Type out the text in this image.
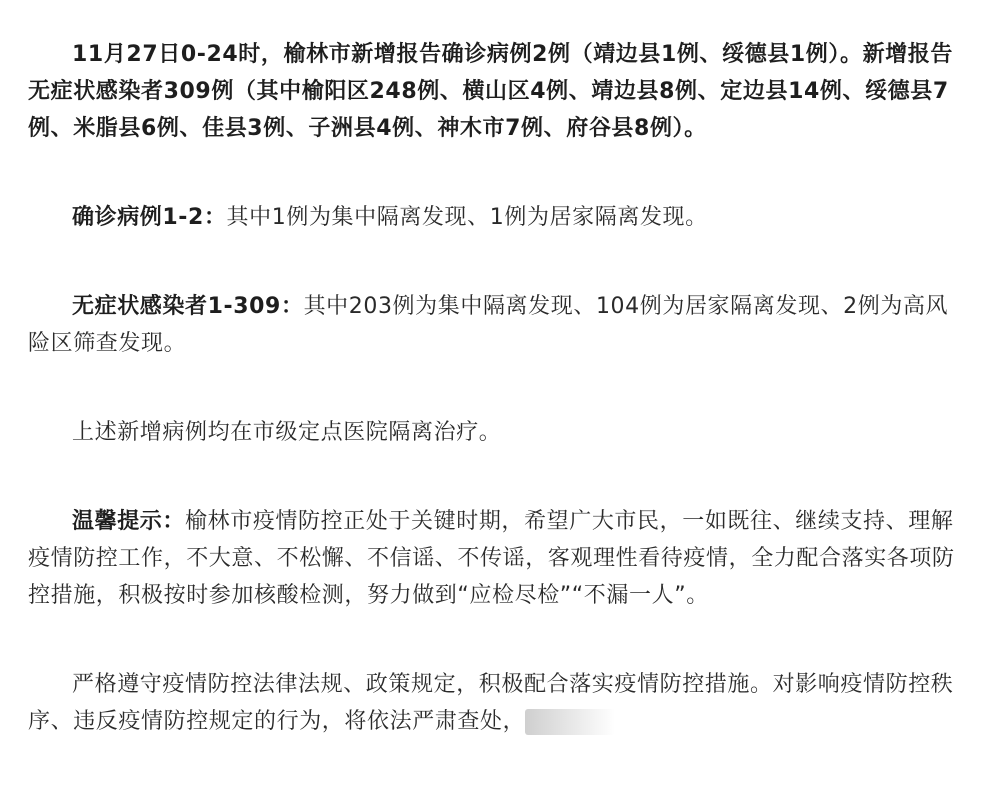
11月27日0-24时，榆林市新增报告确诊病例2例（靖边县1例、绥德县1例）。新增报告无症状感染者309例（其中榆阳区248例、横山区4例、靖边县8例、定边县14例、绥德县7例、米脂县6例、佳县3例、子洲县4例、神木市7例、府谷县8例）。

确诊病例1-2：其中1例为集中隔离发现、1例为居家隔离发现。

无症状感染者1-309：其中203例为集中隔离发现、104例为居家隔离发现、2例为高风险区筛查发现。

上述新增病例均在市级定点医院隔离治疗。

温馨提示：榆林市疫情防控正处于关键时期，希望广大市民，一如既往、继续支持、理解疫情防控工作，不大意、不松懈、不信谣、不传谣，客观理性看待疫情，全力配合落实各项防控措施，积极按时参加核酸检测，努力做到“应检尽检”“不漏一人”。

严格遵守疫情防控法律法规、政策规定，积极配合落实疫情防控措施。对影响疫情防控秩序、违反疫情防控规定的行为，将依法严肃查处，
